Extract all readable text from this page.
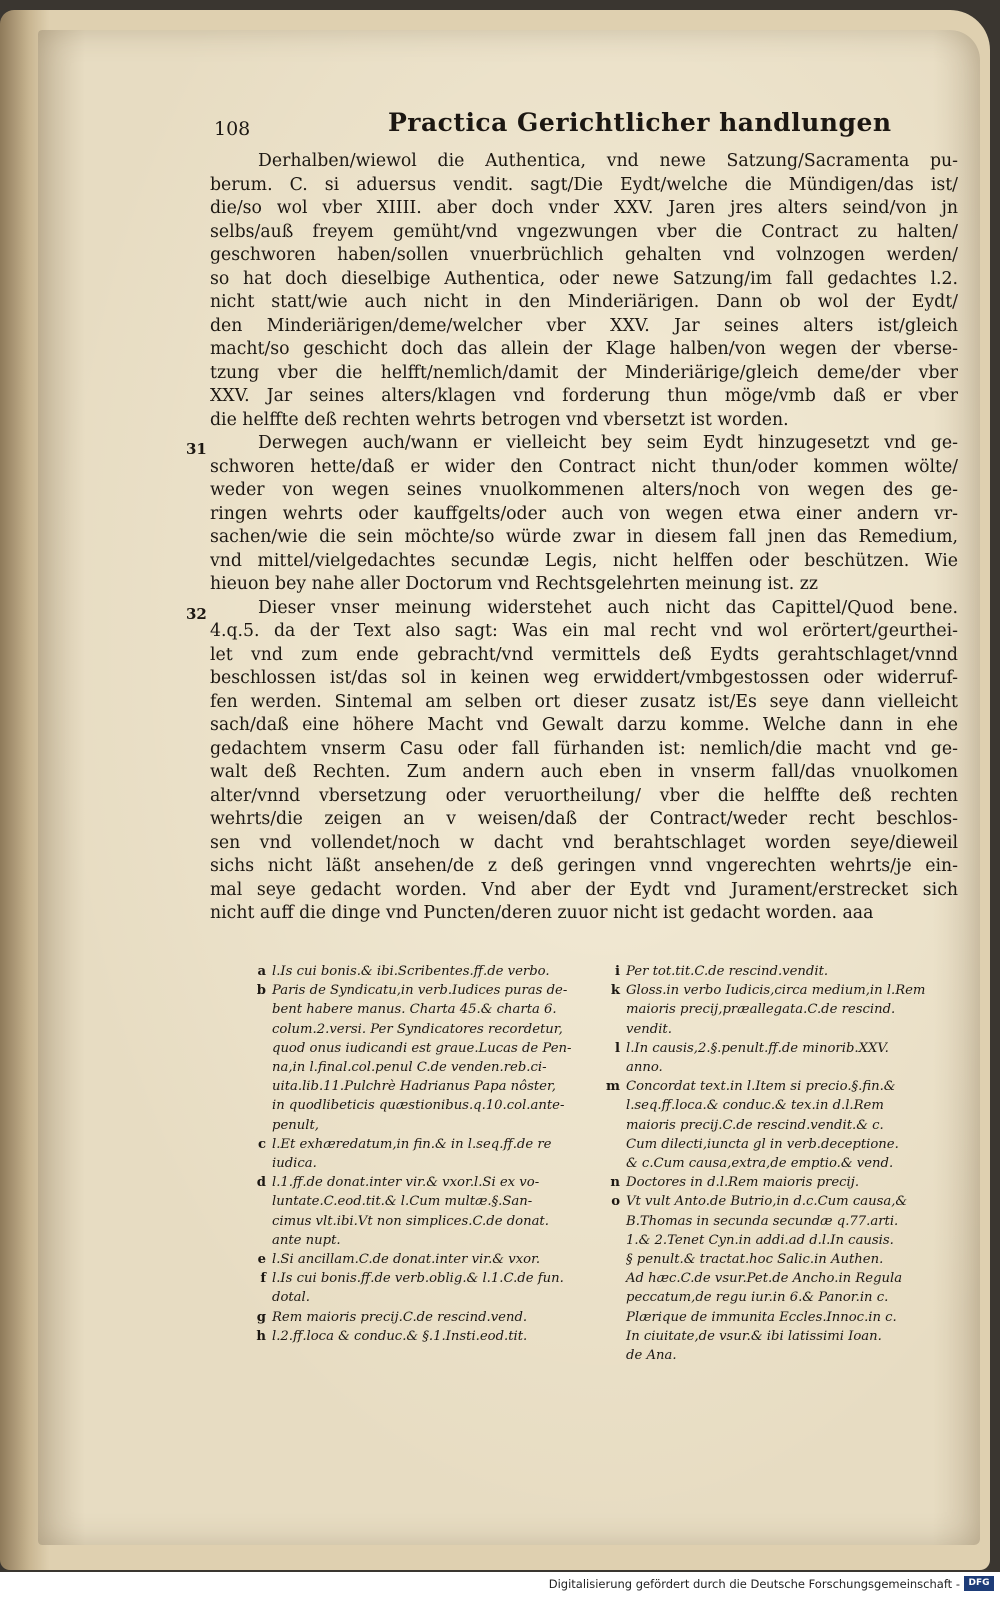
108	Practica Gerichtlicher handlungen
31
32
Derhalben/wiewol die Authentica, vnd newe Satzung/Sacramenta pu-
berum. C. si aduersus vendit. sagt/Die Eydt/welche die Mündigen/das ist/
die/so wol vber XIIII. aber doch vnder XXV. Jaren jres alters seind/von jn
selbs/auß freyem gemüht/vnd vngezwungen vber die Contract zu halten/
geschworen haben/sollen vnuerbrüchlich gehalten vnd volnzogen werden/
so hat doch dieselbige Authentica, oder newe Satzung/im fall gedachtes l.2.
nicht statt/wie auch nicht in den Minderiärigen. Dann ob wol der Eydt/
den Minderiärigen/deme/welcher vber XXV. Jar seines alters ist/gleich
macht/so geschicht doch das allein der Klage halben/von wegen der vberse-
tzung vber die helfft/nemlich/damit der Minderiärige/gleich deme/der vber
XXV. Jar seines alters/klagen vnd forderung thun möge/vmb daß er vber
die helffte deß rechten wehrts betrogen vnd vbersetzt ist worden.
Derwegen auch/wann er vielleicht bey seim Eydt hinzugesetzt vnd ge-
schworen hette/daß er wider den Contract nicht thun/oder kommen wölte/
weder von wegen seines vnuolkommenen alters/noch von wegen des ge-
ringen wehrts oder kauffgelts/oder auch von wegen etwa einer andern vr-
sachen/wie die sein möchte/so würde zwar in diesem fall jnen das Remedium,
vnd mittel/vielgedachtes secundæ Legis, nicht helffen oder beschützen. Wie
hieuon bey nahe aller Doctorum vnd Rechtsgelehrten meinung ist. zz
Dieser vnser meinung widerstehet auch nicht das Capittel/Quod bene.
4.q.5. da der Text also sagt: Was ein mal recht vnd wol erörtert/geurthei-
let vnd zum ende gebracht/vnd vermittels deß Eydts gerahtschlaget/vnnd
beschlossen ist/das sol in keinen weg erwiddert/vmbgestossen oder widerruf-
fen werden. Sintemal am selben ort dieser zusatz ist/Es seye dann vielleicht
sach/daß eine höhere Macht vnd Gewalt darzu komme. Welche dann in ehe
gedachtem vnserm Casu oder fall fürhanden ist: nemlich/die macht vnd ge-
walt deß Rechten. Zum andern auch eben in vnserm fall/das vnuolkomen
alter/vnnd vbersetzung oder veruortheilung/ vber die helffte deß rechten
wehrts/die zeigen an v weisen/daß der Contract/weder recht beschlos-
sen vnd vollendet/noch w dacht vnd berahtschlaget worden seye/dieweil
sichs nicht läßt ansehen/de z deß geringen vnnd vngerechten wehrts/je ein-
mal seye gedacht worden. Vnd aber der Eydt vnd Jurament/erstrecket sich
nicht auff die dinge vnd Puncten/deren zuuor nicht ist gedacht worden. aaa
a l.Is cui bonis.& ibi.Scribentes.ff.de verbo.
b Paris de Syndicatu,in verb.Iudices puras de-
bent habere manus. Charta 45.& charta 6.
colum.2.versi. Per Syndicatores recordetur,
quod onus iudicandi est graue.Lucas de Pen-
na,in l.final.col.penul C.de venden.reb.ci-
uita.lib.11.Pulchrè Hadrianus Papa nôster,
in quodlibeticis quæstionibus.q.10.col.ante-
penult,
c l.Et exhæredatum,in fin.& in l.seq.ff.de re
iudica.
d l.1.ff.de donat.inter vir.& vxor.l.Si ex vo-
luntate.C.eod.tit.& l.Cum multæ.§.San-
cimus vlt.ibi.Vt non simplices.C.de donat.
ante nupt.
e l.Si ancillam.C.de donat.inter vir.& vxor.
f l.Is cui bonis.ff.de verb.oblig.& l.1.C.de fun.
dotal.
g Rem maioris precij.C.de rescind.vend.
h l.2.ff.loca & conduc.& §.1.Insti.eod.tit.
i Per tot.tit.C.de rescind.vendit.
k Gloss.in verbo Iudicis,circa medium,in l.Rem
maioris precij,præallegata.C.de rescind.
vendit.
l l.In causis,2.§.penult.ff.de minorib.XXV.
anno.
m Concordat text.in l.Item si precio.§.fin.&
l.seq.ff.loca.& conduc.& tex.in d.l.Rem
maioris precij.C.de rescind.vendit.& c.
Cum dilecti,iuncta gl in verb.deceptione.
& c.Cum causa,extra,de emptio.& vend.
n Doctores in d.l.Rem maioris precij.
o Vt vult Anto.de Butrio,in d.c.Cum causa,&
B.Thomas in secunda secundæ q.77.arti.
1.& 2.Tenet Cyn.in addi.ad d.l.In causis.
§ penult.& tractat.hoc Salic.in Authen.
Ad hæc.C.de vsur.Pet.de Ancho.in Regula
peccatum,de regu iur.in 6.& Panor.in c.
Plærique de immunita Eccles.Innoc.in c.
In ciuitate,de vsur.& ibi latissimi Ioan.
de Ana.
Digitalisierung gefördert durch die Deutsche Forschungsgemeinschaft - DFG
